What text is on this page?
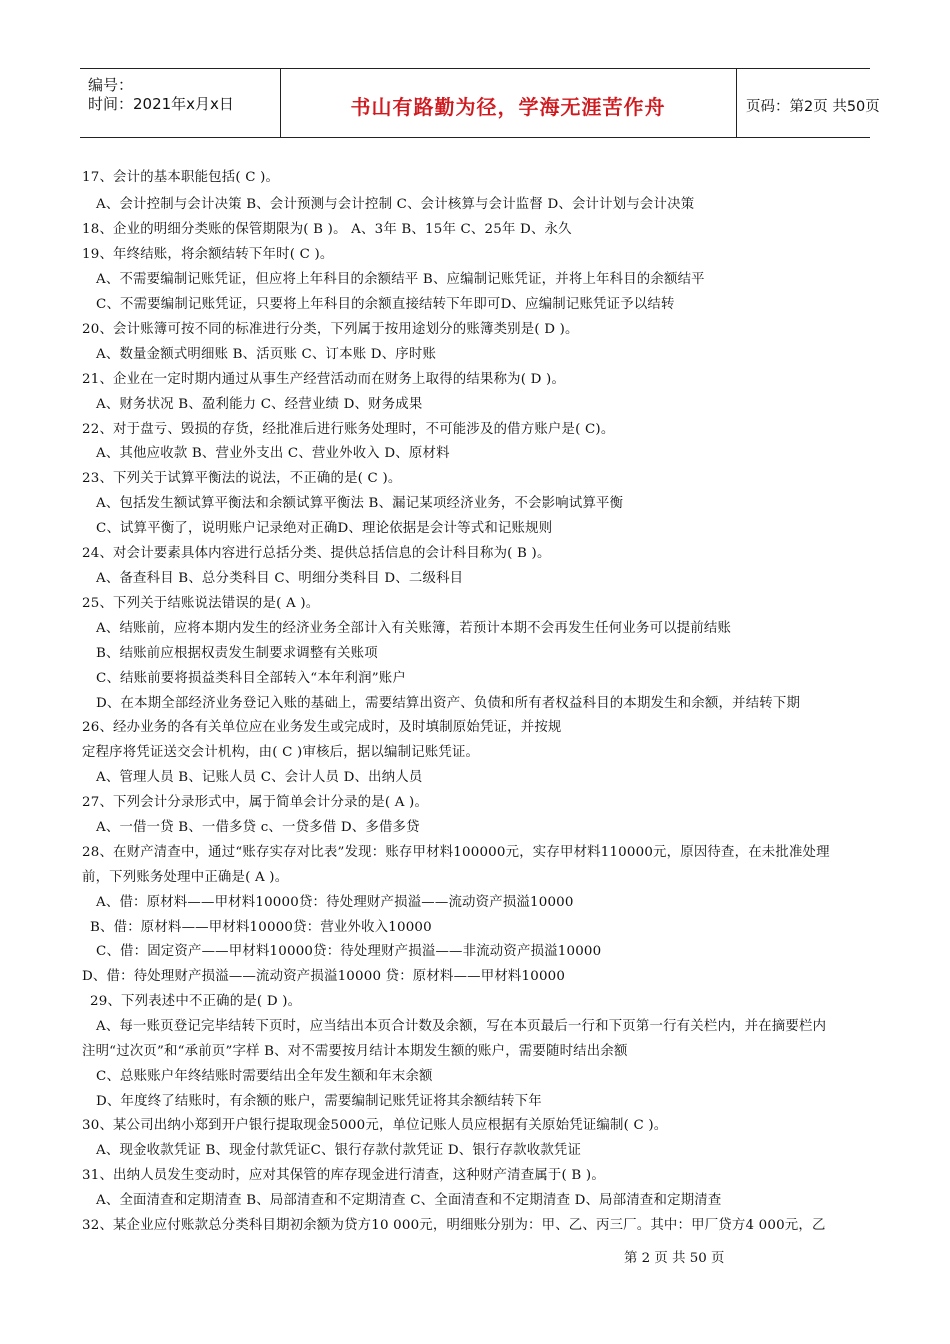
编号：
时间：2021年x月x日	书山有路勤为径，学海无涯苦作舟	页码：第2页 共50页
17、会计的基本职能包括( C )。
A、会计控制与会计决策 B、会计预测与会计控制 C、会计核算与会计监督 D、会计计划与会计决策
18、企业的明细分类账的保管期限为( B )。 A、3年 B、15年 C、25年 D、永久
19、年终结账，将余额结转下年时( C )。
A、不需要编制记账凭证，但应将上年科目的余额结平 B、应编制记账凭证，并将上年科目的余额结平
C、不需要编制记账凭证，只要将上年科目的余额直接结转下年即可D、应编制记账凭证予以结转
20、会计账簿可按不同的标准进行分类，下列属于按用途划分的账簿类别是( D )。
A、数量金额式明细账 B、活页账 C、订本账 D、序时账
21、企业在一定时期内通过从事生产经营活动而在财务上取得的结果称为( D )。
A、财务状况 B、盈利能力 C、经营业绩 D、财务成果
22、对于盘亏、毁损的存货，经批准后进行账务处理时，不可能涉及的借方账户是( C)。
A、其他应收款 B、营业外支出 C、营业外收入 D、原材料
23、下列关于试算平衡法的说法，不正确的是( C )。
A、包括发生额试算平衡法和余额试算平衡法 B、漏记某项经济业务，不会影响试算平衡
C、试算平衡了，说明账户记录绝对正确D、理论依据是会计等式和记账规则
24、对会计要素具体内容进行总括分类、提供总括信息的会计科目称为( B )。
A、备查科目 B、总分类科目 C、明细分类科目 D、二级科目
25、下列关于结账说法错误的是( A )。
A、结账前，应将本期内发生的经济业务全部计入有关账簿，若预计本期不会再发生任何业务可以提前结账
B、结账前应根据权责发生制要求调整有关账项
C、结账前要将损益类科目全部转入“本年利润”账户
D、在本期全部经济业务登记入账的基础上，需要结算出资产、负债和所有者权益科目的本期发生和余额，并结转下期
26、经办业务的各有关单位应在业务发生或完成时，及时填制原始凭证，并按规
定程序将凭证送交会计机构，由( C )审核后，据以编制记账凭证。
A、管理人员 B、记账人员 C、会计人员 D、出纳人员
27、下列会计分录形式中，属于简单会计分录的是( A )。
A、一借一贷 B、一借多贷 c、一贷多借 D、多借多贷
28、在财产清查中，通过“账存实存对比表”发现：账存甲材料100000元，实存甲材料110000元，原因待查，在未批准处理
前，下列账务处理中正确是( A )。
A、借：原材料——甲材料10000贷：待处理财产损溢——流动资产损溢10000
B、借：原材料——甲材料10000贷：营业外收入10000
C、借：固定资产——甲材料10000贷：待处理财产损溢——非流动资产损溢10000
D、借：待处理财产损溢——流动资产损溢10000 贷：原材料——甲材料10000
29、下列表述中不正确的是( D )。
A、每一账页登记完毕结转下页时，应当结出本页合计数及余额，写在本页最后一行和下页第一行有关栏内，并在摘要栏内
注明“过次页”和“承前页”字样 B、对不需要按月结计本期发生额的账户，需要随时结出余额
C、总账账户年终结账时需要结出全年发生额和年末余额
D、年度终了结账时，有余额的账户，需要编制记账凭证将其余额结转下年
30、某公司出纳小郑到开户银行提取现金5000元，单位记账人员应根据有关原始凭证编制( C )。
A、现金收款凭证 B、现金付款凭证C、银行存款付款凭证 D、银行存款收款凭证
31、出纳人员发生变动时，应对其保管的库存现金进行清查，这种财产清查属于( B )。
A、全面清查和定期清查 B、局部清查和不定期清查 C、全面清查和不定期清查 D、局部清查和定期清查
32、某企业应付账款总分类科目期初余额为贷方10 000元，明细账分别为：甲、乙、丙三厂。其中：甲厂贷方4 000元，乙
第 2 页 共 50 页
